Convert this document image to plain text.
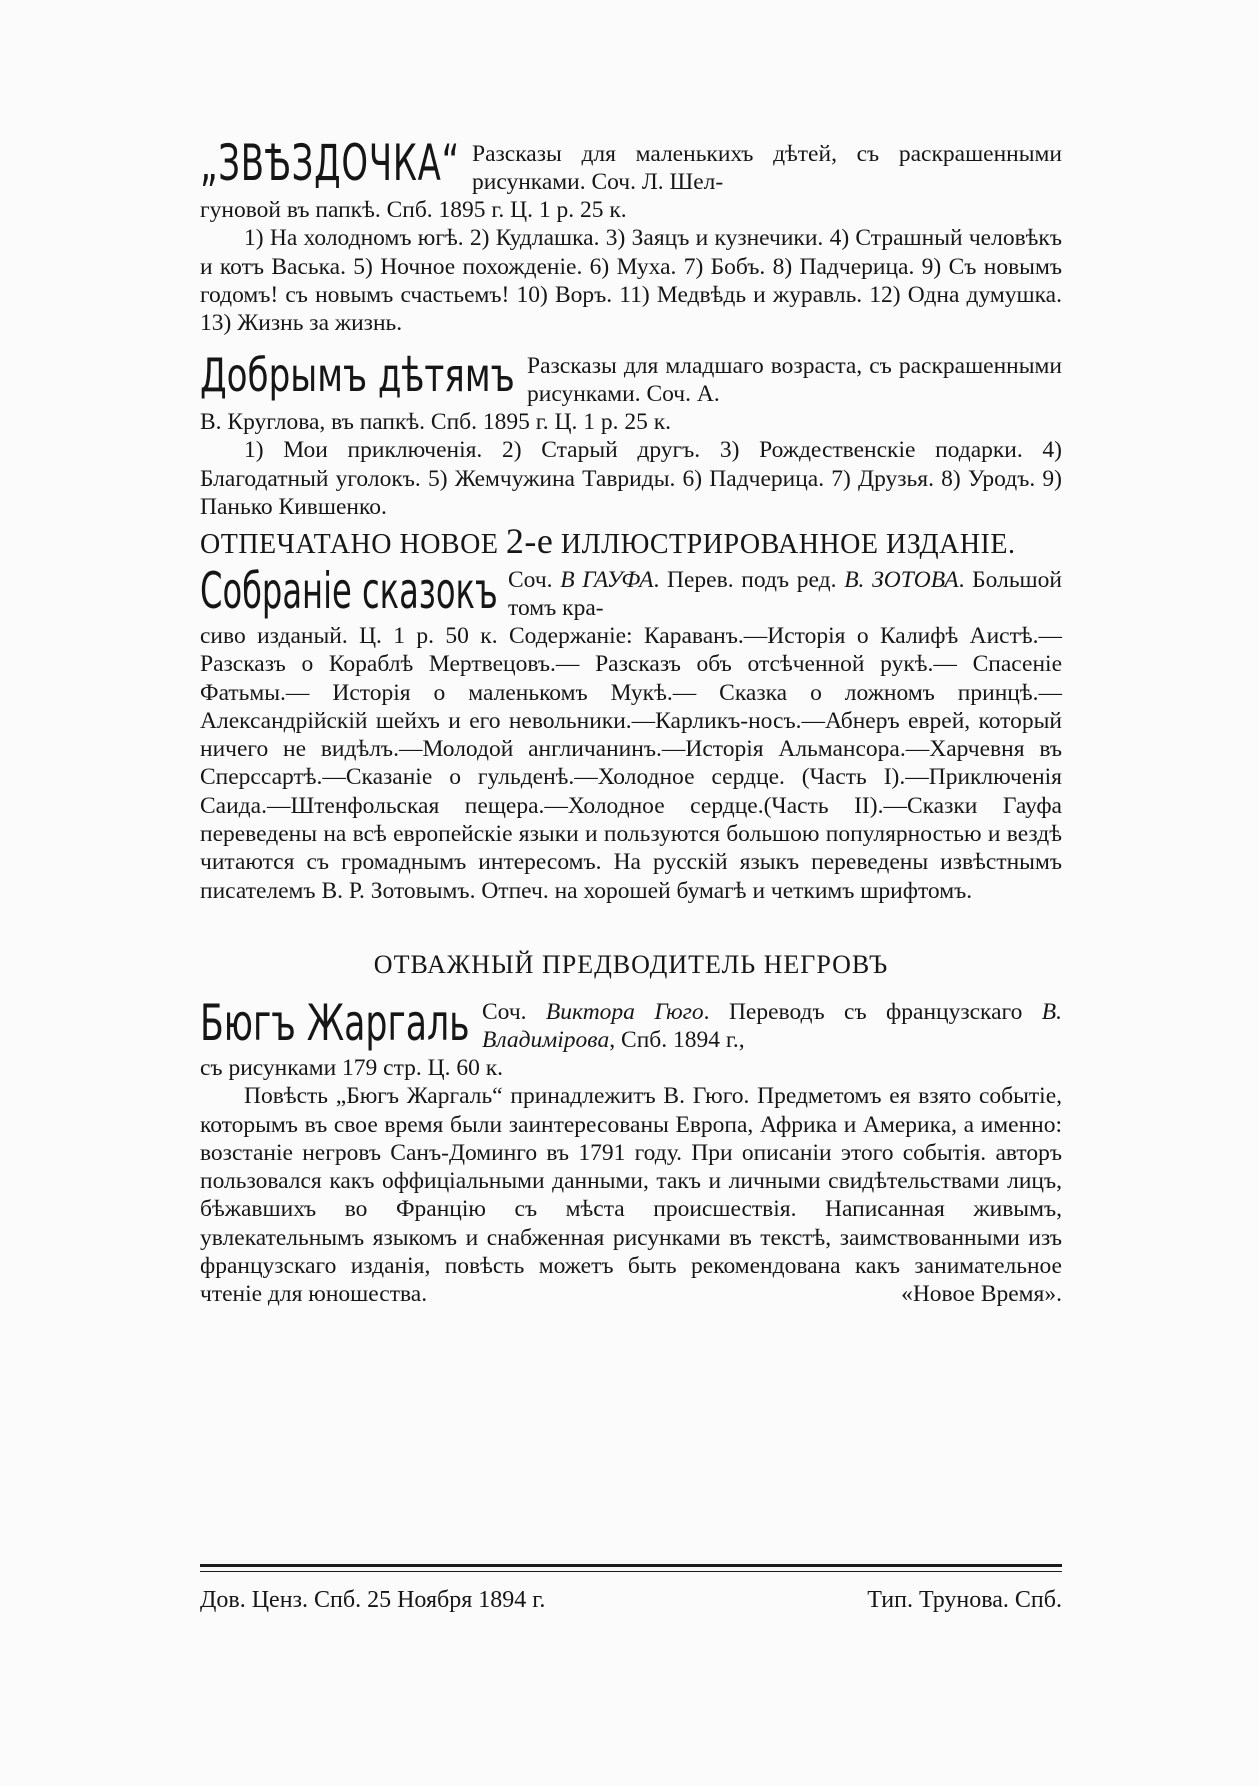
„ЗВѢЗДОЧКА“ Разсказы для маленькихъ дѣтей, съ раскрашенными рисунками. Соч. Л. Шел-
гуновой въ папкѣ. Спб. 1895 г. Ц. 1 р. 25 к.
1) На холодномъ югѣ. 2) Кудлашка. 3) Заяцъ и кузнечики. 4) Страшный человѣкъ и котъ Васька. 5) Ночное похожденіе. 6) Муха. 7) Бобъ. 8) Падчерица. 9) Съ новымъ годомъ! съ новымъ счастьемъ! 10) Воръ. 11) Медвѣдь и журавль. 12) Одна думушка. 13) Жизнь за жизнь.
Добрымъ дѣтямъ Разсказы для младшаго возраста, съ раскрашенными рисунками. Соч. А.
В. Круглова, въ папкѣ. Спб. 1895 г. Ц. 1 р. 25 к.
1) Мои приключенія. 2) Старый другъ. 3) Рождественскіе подарки. 4) Благодатный уголокъ. 5) Жемчужина Тавриды. 6) Падчерица. 7) Друзья. 8) Уродъ. 9) Панько Кившенко.
ОТПЕЧАТАНО НОВОЕ 2-е ИЛЛЮСТРИРОВАННОЕ ИЗДАНІЕ.
Собраніе сказокъ Соч. В ГАУФА. Перев. подъ ред. В. ЗОТОВА. Большой томъ кра-
сиво изданый. Ц. 1 р. 50 к. Содержаніе: Караванъ.—Исторія о Калифѣ Аистѣ.— Разсказъ о Кораблѣ Мертвецовъ.— Разсказъ объ отсѣченной рукѣ.— Спасеніе Фатьмы.— Исторія о маленькомъ Мукѣ.— Сказка о ложномъ принцѣ.— Александрійскій шейхъ и его невольники.—Карликъ-носъ.—Абнеръ еврей, который ничего не видѣлъ.—Молодой англичанинъ.—Исторія Альмансора.—Харчевня въ Сперссартѣ.—Сказаніе о гульденѣ.—Холодное сердце. (Часть I).—Приключенія Саида.—Штенфольская пещера.—Холодное сердце.(Часть II).—Сказки Гауфа переведены на всѣ европейскіе языки и пользуются большою популярностью и вездѣ читаются съ громаднымъ интересомъ. На русскій языкъ переведены извѣстнымъ писателемъ В. Р. Зотовымъ. Отпеч. на хорошей бумагѣ и четкимъ шрифтомъ.
ОТВАЖНЫЙ ПРЕДВОДИТЕЛЬ НЕГРОВЪ
Бюгъ Жаргаль Соч. Виктора Гюго. Переводъ съ французскаго В. Владиміровa, Спб. 1894 г.,
съ рисунками 179 стр. Ц. 60 к.
Повѣсть „Бюгъ Жаргаль“ принадлежитъ В. Гюго. Предметомъ ея взято событіе, которымъ въ свое время были заинтересованы Европа, Африка и Америка, а именно: возстаніе негровъ Санъ-Доминго въ 1791 году. При описаніи этого событія. авторъ пользовался какъ оффиціальными данными, такъ и личными свидѣтельствами лицъ, бѣжавшихъ во Францію съ мѣста происшествія. Написанная живымъ, увлекательнымъ языкомъ и снабженная рисунками въ текстѣ, заимствованными изъ французскаго изданія, повѣсть можетъ быть рекомендована какъ занимательное чтеніе для юношества.	«Новое Время».
Дов. Ценз. Спб. 25 Ноября 1894 г.	Тип. Трунова. Спб.
